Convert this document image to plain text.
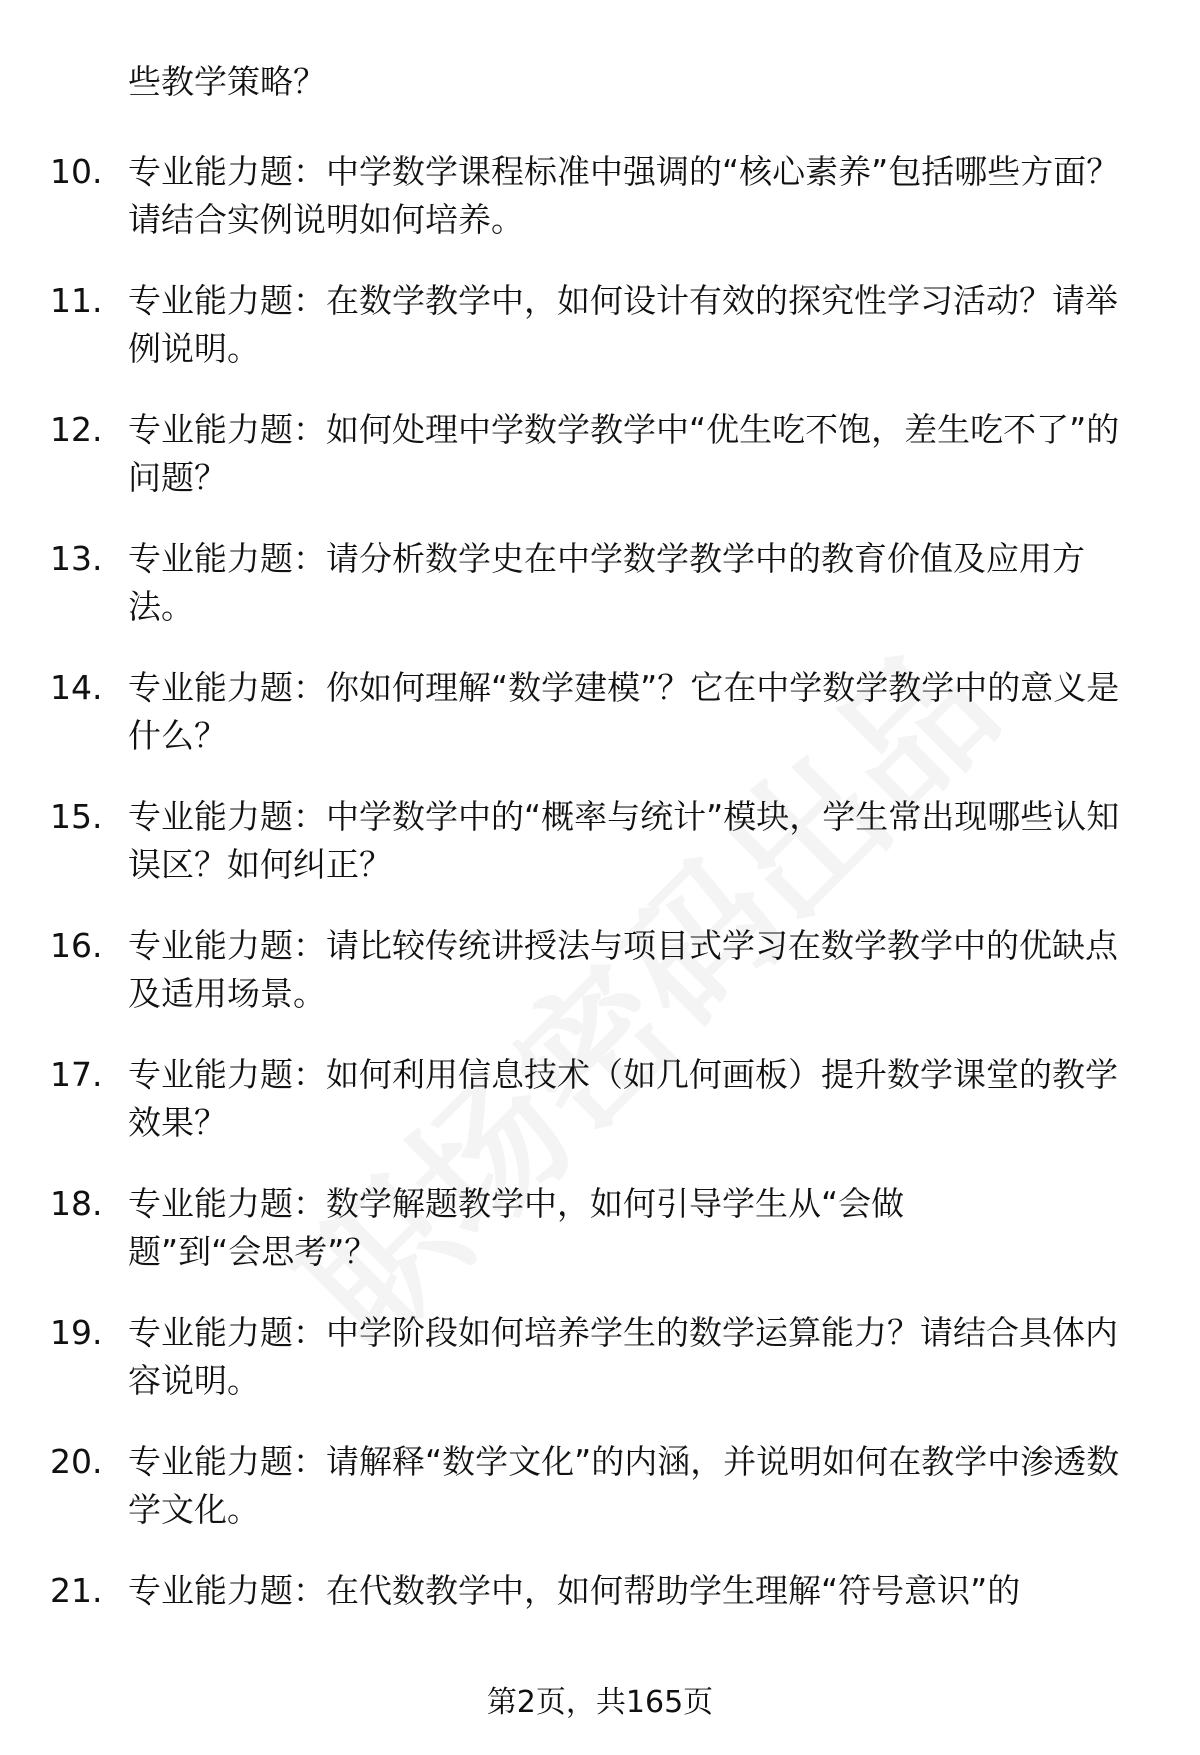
些教学策略？
10. 专业能力题：中学数学课程标准中强调的“核心素养”包括哪些方面？请结合实例说明如何培养。
11. 专业能力题：在数学教学中，如何设计有效的探究性学习活动？请举例说明。
12. 专业能力题：如何处理中学数学教学中“优生吃不饱，差生吃不了”的问题？
13. 专业能力题：请分析数学史在中学数学教学中的教育价值及应用方法。
14. 专业能力题：你如何理解“数学建模”？它在中学数学教学中的意义是什么？
15. 专业能力题：中学数学中的“概率与统计”模块，学生常出现哪些认知误区？如何纠正？
16. 专业能力题：请比较传统讲授法与项目式学习在数学教学中的优缺点及适用场景。
17. 专业能力题：如何利用信息技术（如几何画板）提升数学课堂的教学效果？
18. 专业能力题：数学解题教学中，如何引导学生从“会做题”到“会思考”？
19. 专业能力题：中学阶段如何培养学生的数学运算能力？请结合具体内容说明。
20. 专业能力题：请解释“数学文化”的内涵，并说明如何在教学中渗透数学文化。
21. 专业能力题：在代数教学中，如何帮助学生理解“符号意识”的
第2页，共165页
